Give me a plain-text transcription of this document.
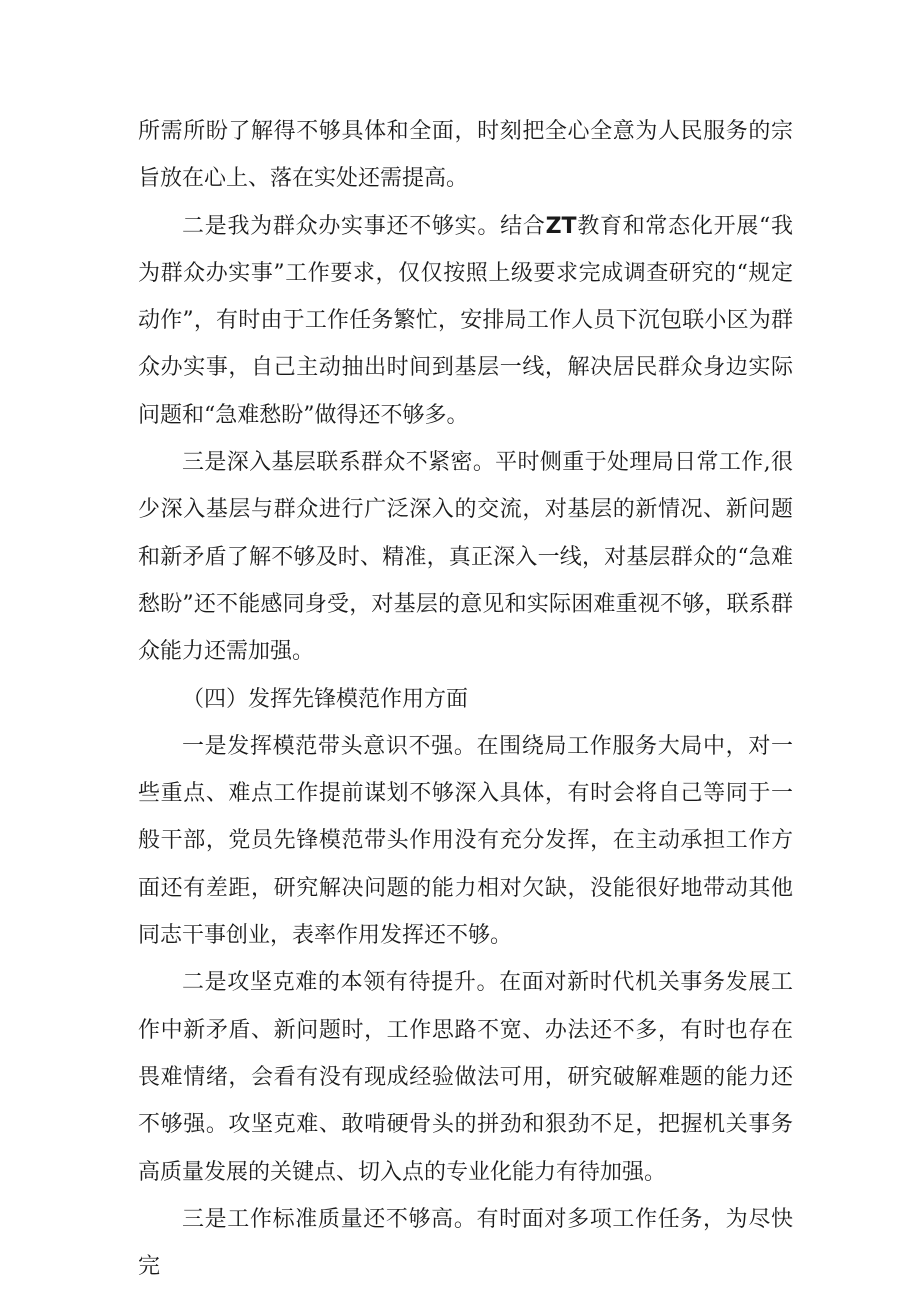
所需所盼了解得不够具体和全面，时刻把全心全意为人民服务的宗旨放在心上、落在实处还需提高。

二是我为群众办实事还不够实。结合ZT教育和常态化开展“我为群众办实事”工作要求，仅仅按照上级要求完成调查研究的“规定动作”，有时由于工作任务繁忙，安排局工作人员下沉包联小区为群众办实事，自己主动抽出时间到基层一线，解决居民群众身边实际问题和“急难愁盼”做得还不够多。

三是深入基层联系群众不紧密。平时侧重于处理局日常工作,很少深入基层与群众进行广泛深入的交流，对基层的新情况、新问题和新矛盾了解不够及时、精准，真正深入一线，对基层群众的“急难愁盼”还不能感同身受，对基层的意见和实际困难重视不够，联系群众能力还需加强。

（四）发挥先锋模范作用方面

一是发挥模范带头意识不强。在围绕局工作服务大局中，对一些重点、难点工作提前谋划不够深入具体，有时会将自己等同于一般干部，党员先锋模范带头作用没有充分发挥，在主动承担工作方面还有差距，研究解决问题的能力相对欠缺，没能很好地带动其他同志干事创业，表率作用发挥还不够。

二是攻坚克难的本领有待提升。在面对新时代机关事务发展工作中新矛盾、新问题时，工作思路不宽、办法还不多，有时也存在畏难情绪，会看有没有现成经验做法可用，研究破解难题的能力还不够强。攻坚克难、敢啃硬骨头的拼劲和狠劲不足，把握机关事务高质量发展的关键点、切入点的专业化能力有待加强。

三是工作标准质量还不够高。有时面对多项工作任务，为尽快完
